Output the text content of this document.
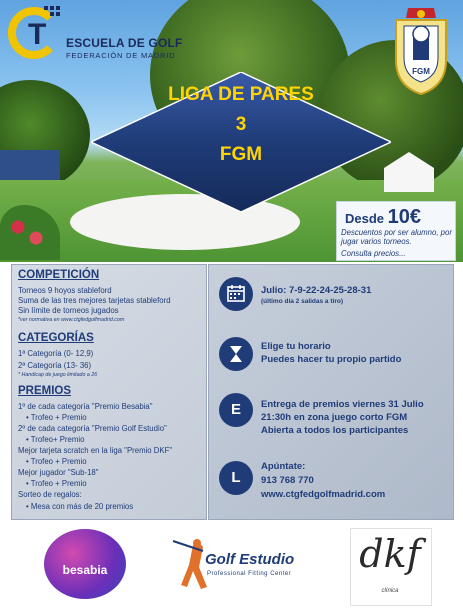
T ESCUELA DE GOLF
FEDERACIÓN DE MADRID
FGM
LIGA DE PARES
3
FGM
Desde 10€
Descuentos por ser alumno, por jugar varios torneos.
Consulta precios...
COMPETICIÓN
Torneos 9 hoyos stableford
Suma de las tres mejores tarjetas stableford
Sin límite de torneos jugados
*ver normativa en www.ctgfedgolfmadrid.com
CATEGORÍAS
1ª Categoría (0- 12,9)
2ª Categoría (13- 36)
* Handicap de juego limitado a 26
PREMIOS
1º de cada categoría "Premio Besabia"
• Trofeo + Premio
2º de cada categoría "Premio Golf Estudio"
• Trofeo+ Premio
Mejor tarjeta scratch en la liga "Premio DKF"
• Trofeo + Premio
Mejor jugador "Sub-18"
• Trofeo + Premio
Sorteo de regalos:
• Mesa con más de 20 premios
Julio: 7-9-22-24-25-28-31
(último día 2 salidas a tiro)
Elige tu horario
Puedes hacer tu propio partido
E	Entrega de premios viernes 31 Julio
21:30h en zona juego corto FGM
Abierta a todos los participantes
L
Apúntate:
913 768 770
www.ctgfedgolfmadrid.com
besabia
Golf Estudio
Professional Fitting Center dkf
clínica
